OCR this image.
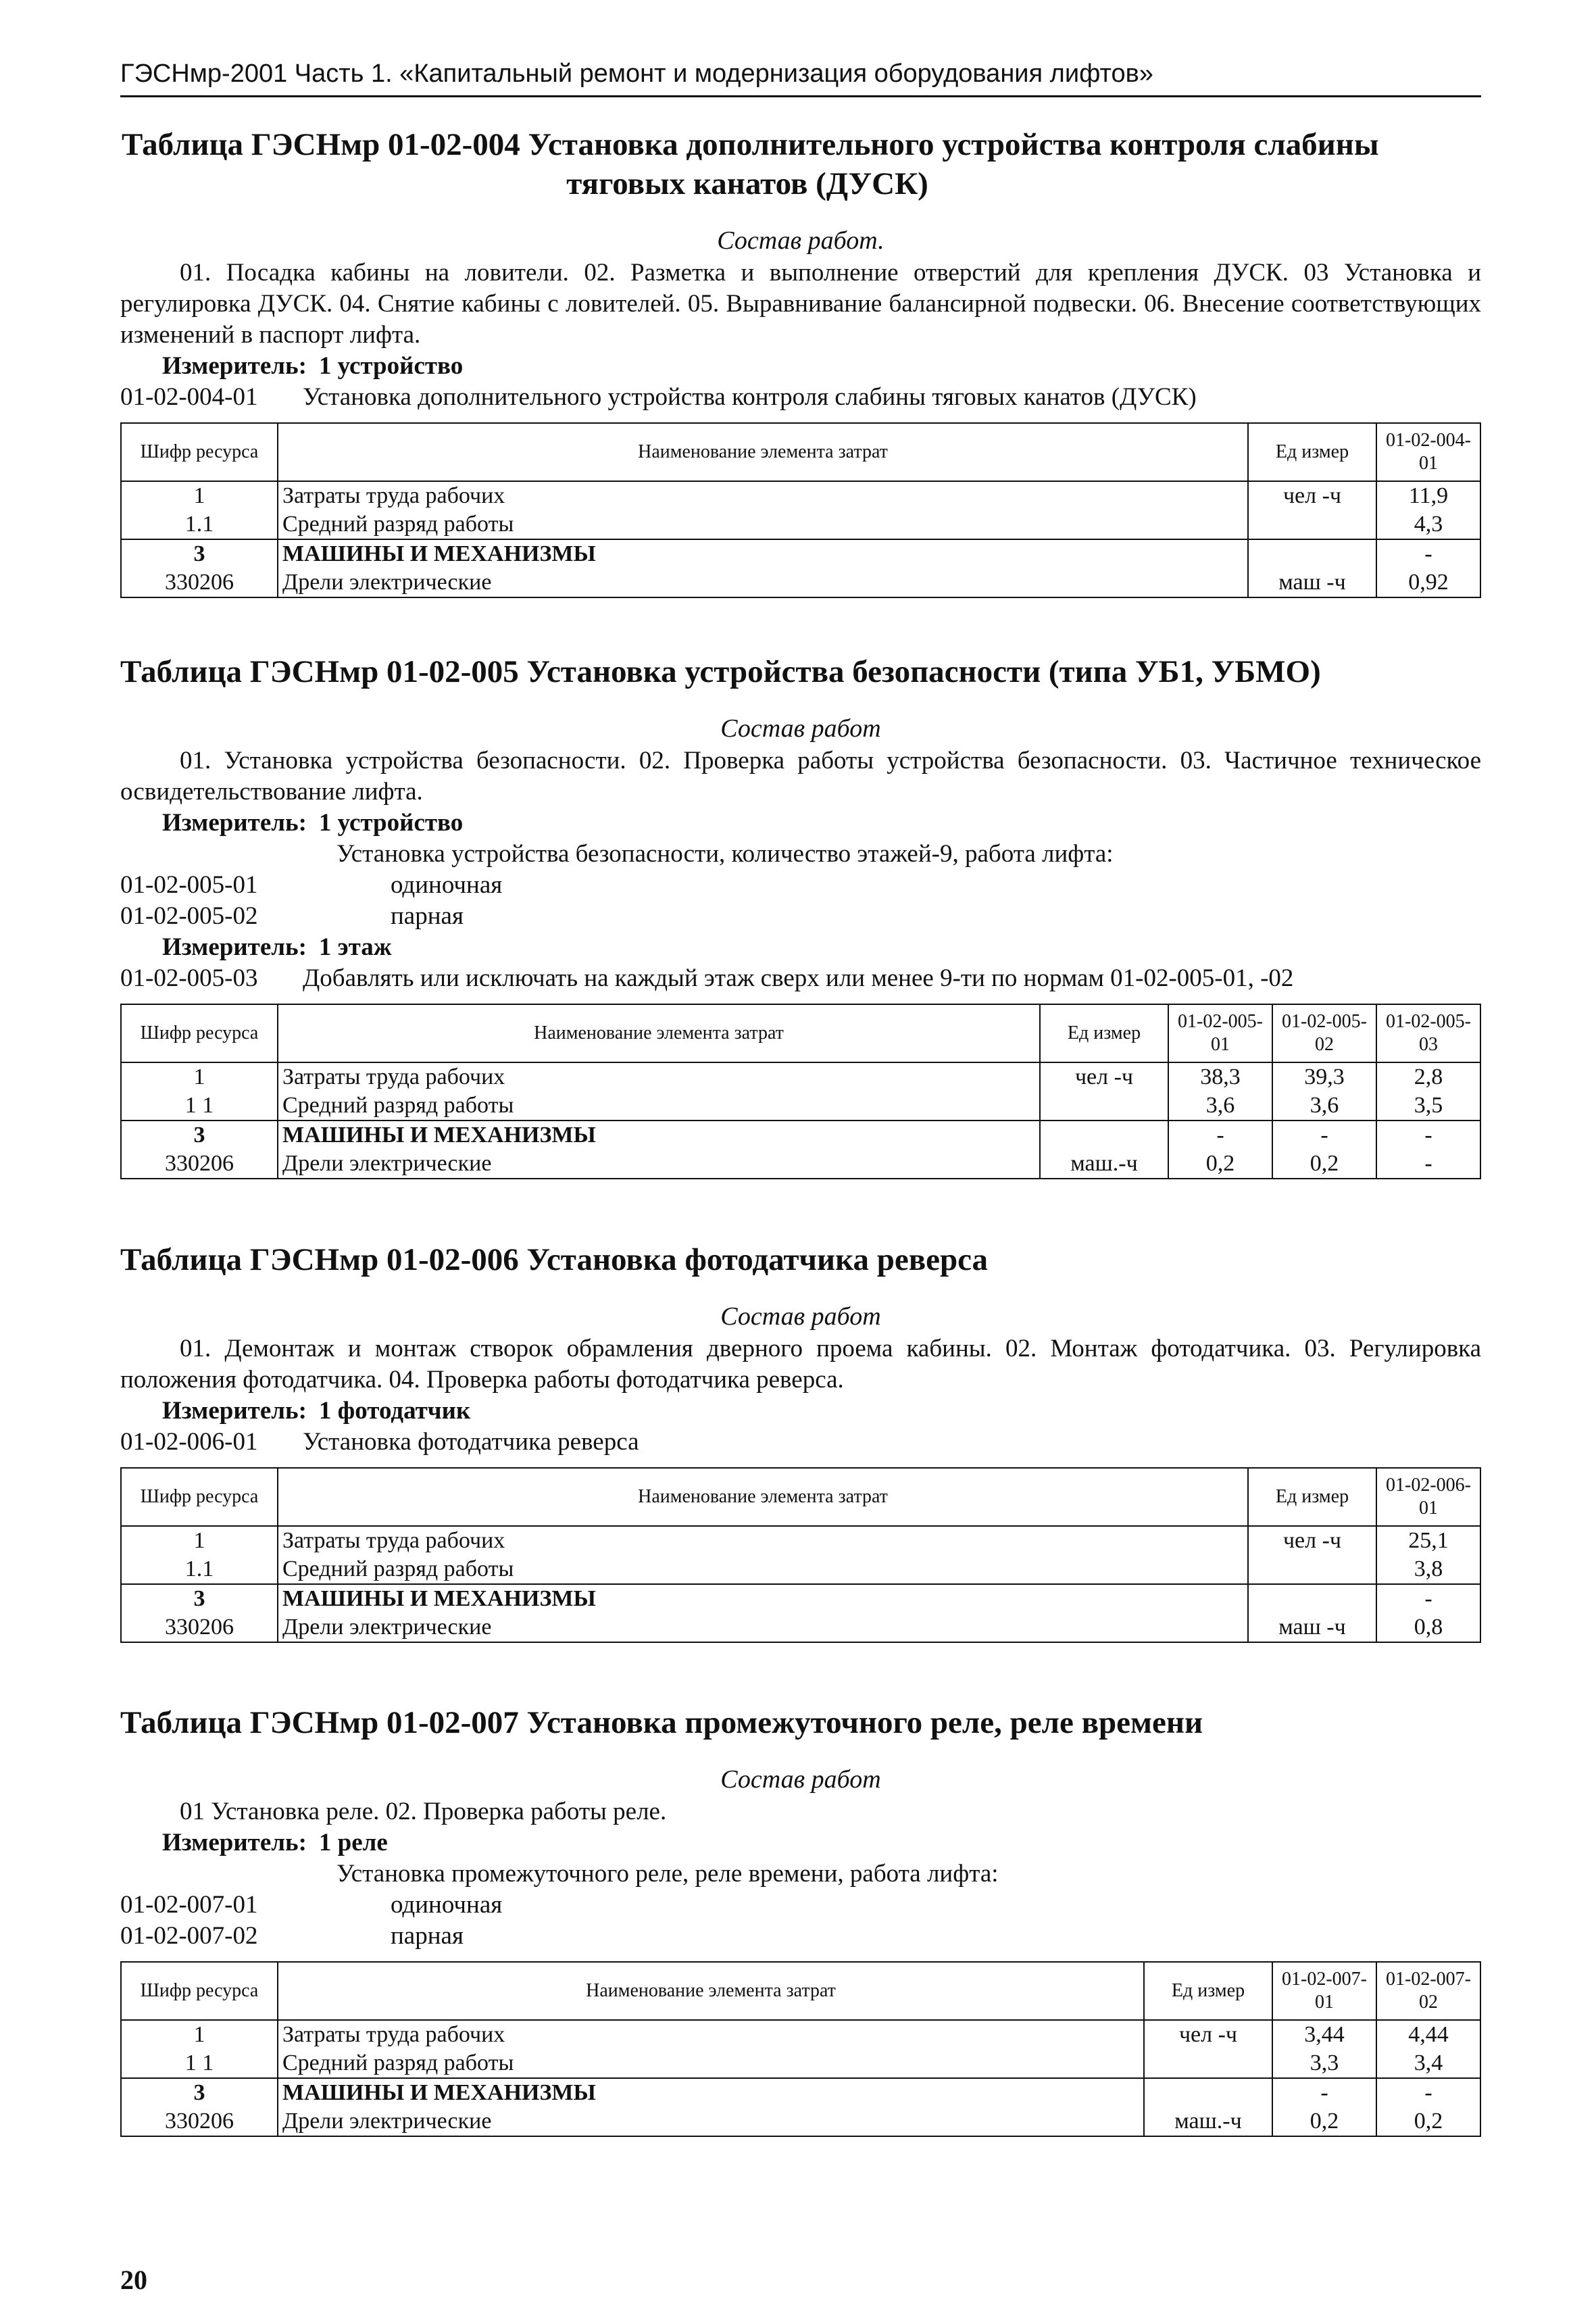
ГЭСНмр-2001 Часть 1. «Капитальный ремонт и модернизация оборудования лифтов»
Таблица ГЭСНмр 01-02-004 Установка дополнительного устройства контроля слабины
тяговых канатов (ДУСК)
Состав работ.
01. Посадка кабины на ловители. 02. Разметка и выполнение отверстий для крепления ДУСК. 03 Установка и регулировка ДУСК. 04. Снятие кабины с ловителей. 05. Выравнивание балансирной подвески. 06. Внесение соответствующих изменений в паспорт лифта.
Измеритель: 1 устройство
01-02-004-01	Установка дополнительного устройства контроля слабины тяговых канатов (ДУСК)
Шифр ресурса	Наименование элемента затрат	Ед измер	01-02-004-01
1	Затраты труда рабочих	чел -ч	11,9
1.1	Средний разряд работы		4,3
3	МАШИНЫ И МЕХАНИЗМЫ		-
330206	Дрели электрические	маш -ч	0,92
Таблица ГЭСНмр 01-02-005 Установка устройства безопасности (типа УБ1, УБМО)
Состав работ
01. Установка устройства безопасности. 02. Проверка работы устройства безопасности. 03. Частичное техническое освидетельствование лифта.
Измеритель: 1 устройство
Установка устройства безопасности, количество этажей-9, работа лифта:
01-02-005-01	одиночная
01-02-005-02	парная
Измеритель: 1 этаж
01-02-005-03	Добавлять или исключать на каждый этаж сверх или менее 9-ти по нормам 01-02-005-01, -02
Шифр ресурса	Наименование элемента затрат	Ед измер	01-02-005-01	01-02-005-02	01-02-005-03
1	Затраты труда рабочих	чел -ч	38,3	39,3	2,8
1 1	Средний разряд работы		3,6	3,6	3,5
3	МАШИНЫ И МЕХАНИЗМЫ		-	-	-
330206	Дрели электрические	маш.-ч	0,2	0,2	-
Таблица ГЭСНмр 01-02-006 Установка фотодатчика реверса
Состав работ
01. Демонтаж и монтаж створок обрамления дверного проема кабины. 02. Монтаж фотодатчика. 03. Регулировка положения фотодатчика. 04. Проверка работы фотодатчика реверса.
Измеритель: 1 фотодатчик
01-02-006-01	Установка фотодатчика реверса
Шифр ресурса	Наименование элемента затрат	Ед измер	01-02-006-01
1	Затраты труда рабочих	чел -ч	25,1
1.1	Средний разряд работы		3,8
3	МАШИНЫ И МЕХАНИЗМЫ		-
330206	Дрели электрические	маш -ч	0,8
Таблица ГЭСНмр 01-02-007 Установка промежуточного реле, реле времени
Состав работ
01 Установка реле. 02. Проверка работы реле.
Измеритель: 1 реле
Установка промежуточного реле, реле времени, работа лифта:
01-02-007-01	одиночная
01-02-007-02	парная
Шифр ресурса	Наименование элемента затрат	Ед измер	01-02-007-01	01-02-007-02
1	Затраты труда рабочих	чел -ч	3,44	4,44
1 1	Средний разряд работы		3,3	3,4
3	МАШИНЫ И МЕХАНИЗМЫ		-	-
330206	Дрели электрические	маш.-ч	0,2	0,2
20
